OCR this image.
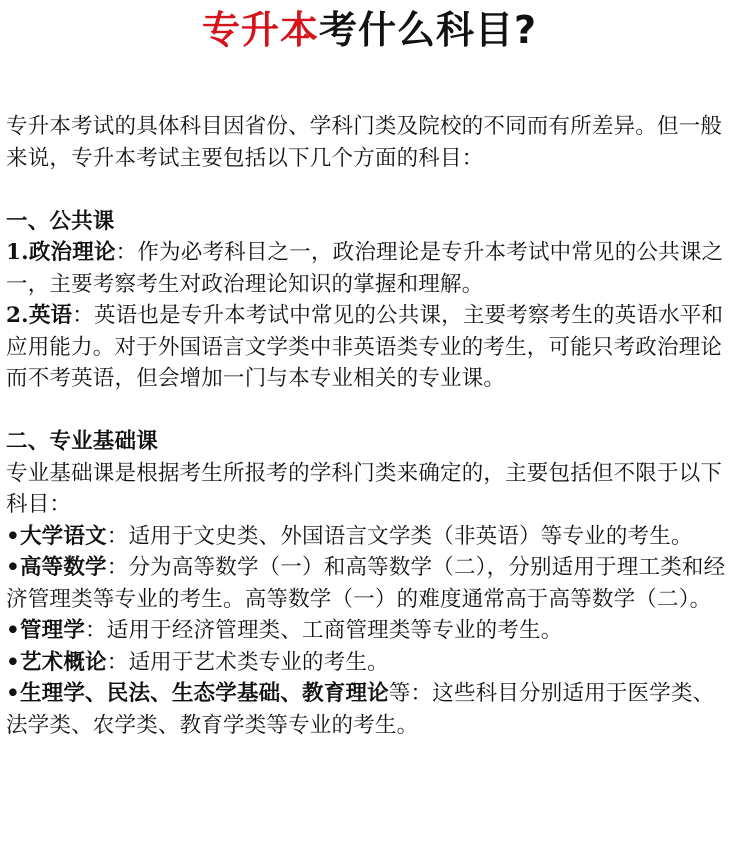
专升本考什么科目?

专升本考试的具体科目因省份、学科门类及院校的不同而有所差异。但一般来说，专升本考试主要包括以下几个方面的科目：

一、公共课

1.政治理论：作为必考科目之一，政治理论是专升本考试中常见的公共课之一，主要考察考生对政治理论知识的掌握和理解。

2.英语：英语也是专升本考试中常见的公共课，主要考察考生的英语水平和应用能力。对于外国语言文学类中非英语类专业的考生，可能只考政治理论而不考英语，但会增加一门与本专业相关的专业课。

二、专业基础课

专业基础课是根据考生所报考的学科门类来确定的，主要包括但不限于以下科目：

•大学语文：适用于文史类、外国语言文学类（非英语）等专业的考生。

•高等数学：分为高等数学（一）和高等数学（二），分别适用于理工类和经济管理类等专业的考生。高等数学（一）的难度通常高于高等数学（二）。

•管理学：适用于经济管理类、工商管理类等专业的考生。

•艺术概论：适用于艺术类专业的考生。

•生理学、民法、生态学基础、教育理论等：这些科目分别适用于医学类、法学类、农学类、教育学类等专业的考生。
